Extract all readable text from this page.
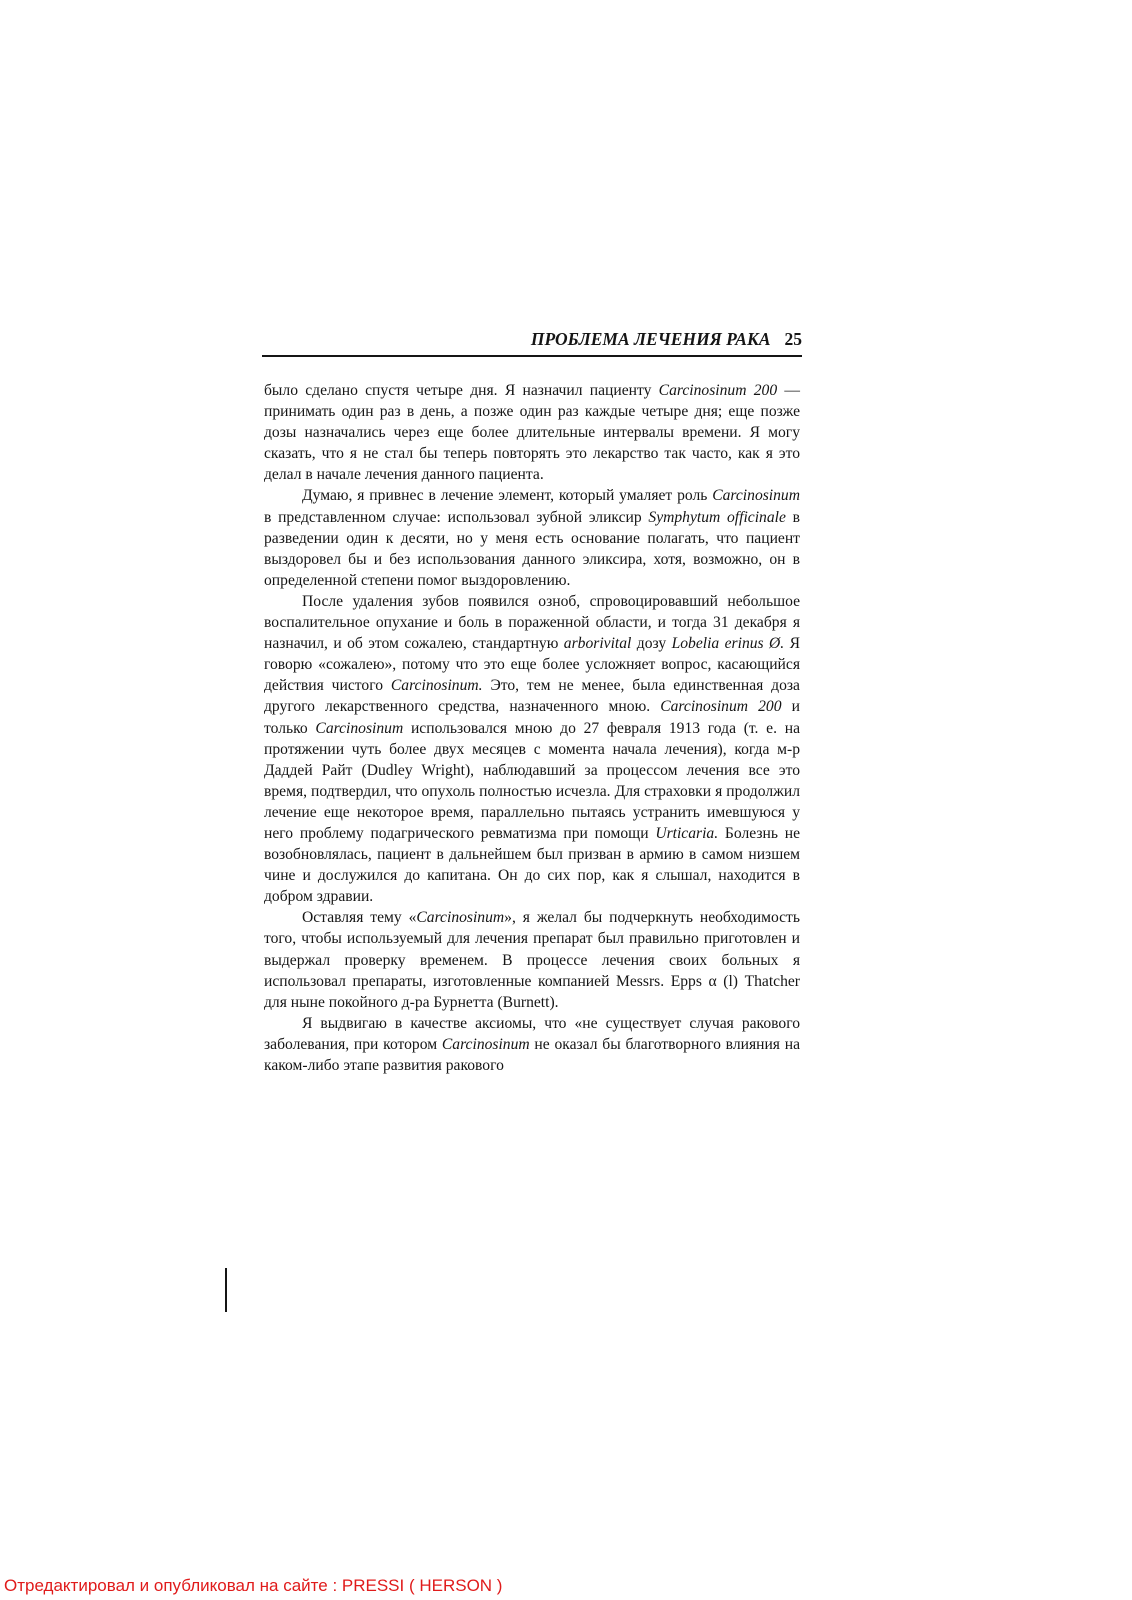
ПРОБЛЕМА ЛЕЧЕНИЯ РАКА 25

было сделано спустя четыре дня. Я назначил пациенту Carcinosinum 200 — принимать один раз в день, а позже один раз каждые четыре дня; еще позже дозы назначались через еще более длительные интервалы времени. Я могу сказать, что я не стал бы теперь повторять это лекарство так часто, как я это делал в начале лечения данного пациента.

Думаю, я привнес в лечение элемент, который умаляет роль Carcinosinum в представленном случае: использовал зубной эликсир Symphytum officinale в разведении один к десяти, но у меня есть основание полагать, что пациент выздоровел бы и без использования данного эликсира, хотя, возможно, он в определенной степени помог выздоровлению.

После удаления зубов появился озноб, спровоцировавший небольшое воспалительное опухание и боль в пораженной области, и тогда 31 декабря я назначил, и об этом сожалею, стандартную arborivital дозу Lobelia erinus Ø. Я говорю «сожалею», потому что это еще более усложняет вопрос, касающийся действия чистого Carcinosinum. Это, тем не менее, была единственная доза другого лекарственного средства, назначенного мною. Carcinosinum 200 и только Carcinosinum использовался мною до 27 февраля 1913 года (т. е. на протяжении чуть более двух месяцев с момента начала лечения), когда м-р Даддей Райт (Dudley Wright), наблюдавший за процессом лечения все это время, подтвердил, что опухоль полностью исчезла. Для страховки я продолжил лечение еще некоторое время, параллельно пытаясь устранить имевшуюся у него проблему подагрического ревматизма при помощи Urticaria. Болезнь не возобновлялась, пациент в дальнейшем был призван в армию в самом низшем чине и дослужился до капитана. Он до сих пор, как я слышал, находится в добром здравии.

Оставляя тему «Carcinosinum», я желал бы подчеркнуть необходимость того, чтобы используемый для лечения препарат был правильно приготовлен и выдержал проверку временем. В процессе лечения своих больных я использовал препараты, изготовленные компанией Messrs. Epps α (l) Thatcher для ныне покойного д-ра Бурнетта (Burnett).

Я выдвигаю в качестве аксиомы, что «не существует случая ракового заболевания, при котором Carcinosinum не оказал бы благотворного влияния на каком-либо этапе развития ракового

Отредактировал и опубликовал на сайте : PRESSI ( HERSON )
